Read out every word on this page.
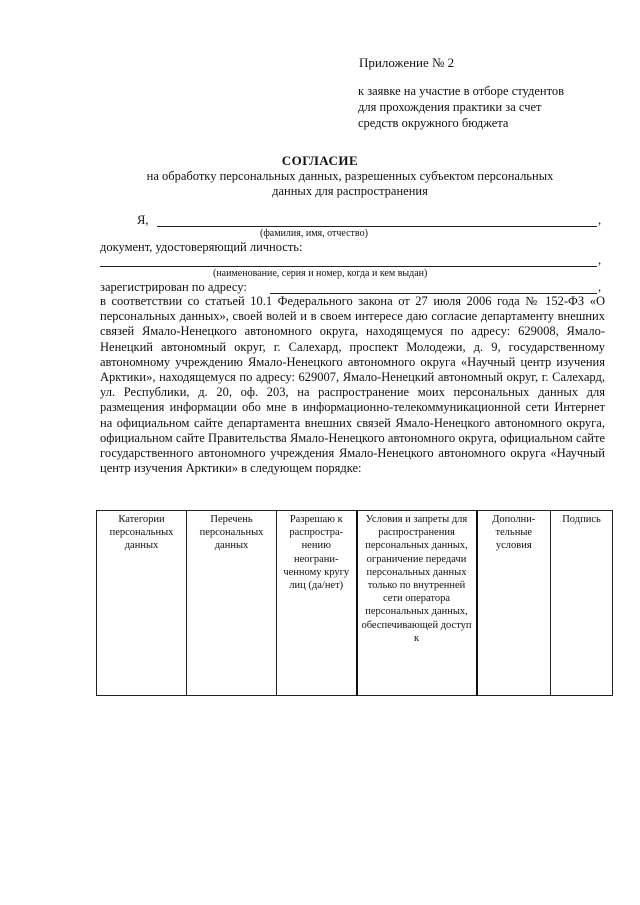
Приложение № 2
к заявке на участие в отборе студентов
для прохождения практики за счет
средств окружного бюджета
СОГЛАСИЕ
на обработку персональных данных, разрешенных субъектом персональных
данных для распространения
Я,	,
(фамилия, имя, отчество)
документ, удостоверяющий личность:
,
(наименование, серия и номер, когда и кем выдан)
зарегистрирован по адресу:	,
в соответствии со статьей 10.1 Федерального закона от 27 июля 2006 года № 152-ФЗ «О персональных данных», своей волей и в своем интересе даю согласие департаменту внешних связей Ямало-Ненецкого автономного округа, находящемуся по адресу: 629008, Ямало-Ненецкий автономный округ, г. Салехард, проспект Молодежи, д. 9, государственному автономному учреждению Ямало-Ненецкого автономного округа «Научный центр изучения Арктики», находящемуся по адресу: 629007, Ямало-Ненецкий автономный округ, г. Салехард, ул. Республики, д. 20, оф. 203, на распространение моих персональных данных для размещения информации обо мне в информационно-телекоммуникационной сети Интернет на официальном сайте департамента внешних связей Ямало-Ненецкого автономного округа, официальном сайте Правительства Ямало-Ненецкого автономного округа, официальном сайте государственного автономного учреждения Ямало-Ненецкого автономного округа «Научный центр изучения Арктики» в следующем порядке:
Категории персональных данных	Перечень персональных данных	Разрешаю к распростра-нению неограни-ченному кругу лиц (да/нет)	Условия и запреты для распространения персональных данных, ограничение передачи персональных данных только по внутренней сети оператора персональных данных, обеспечивающей доступ к	Дополни-тельные условия	Подпись
